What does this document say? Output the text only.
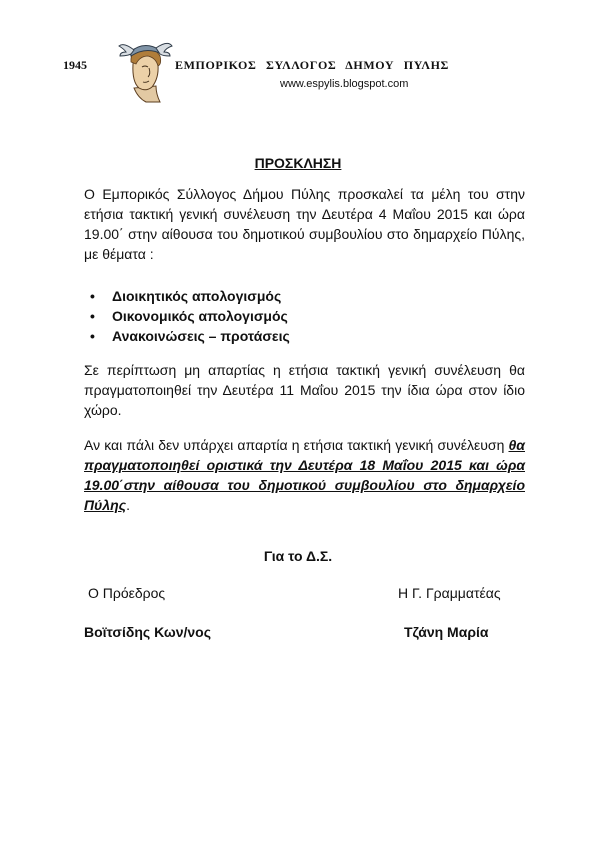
1945	ΕΜΠΟΡΙΚΟΣ ΣΥΛΛΟΓΟΣ ΔΗΜΟΥ ΠΥΛΗΣ
www.espylis.blogspot.com
ΠΡΟΣΚΛΗΣΗ
Ο Εμπορικός Σύλλογος Δήμου Πύλης προσκαλεί τα μέλη του στην ετήσια τακτική γενική συνέλευση την Δευτέρα 4 Μαΐου 2015 και ώρα 19.00΄ στην αίθουσα του δημοτικού συμβουλίου στο δημαρχείο Πύλης, με θέματα :
• Διοικητικός απολογισμός
• Οικονομικός απολογισμός
• Ανακοινώσεις – προτάσεις
Σε περίπτωση μη απαρτίας η ετήσια τακτική γενική συνέλευση θα πραγματοποιηθεί την Δευτέρα 11 Μαΐου 2015 την ίδια ώρα στον ίδιο χώρο.
Αν και πάλι δεν υπάρχει απαρτία η ετήσια τακτική γενική συνέλευση θα πραγματοποιηθεί οριστικά την Δευτέρα 18 Μαΐου 2015 και ώρα 19.00΄στην αίθουσα του δημοτικού συμβουλίου στο δημαρχείο Πύλης.
Για το Δ.Σ.
Ο Πρόεδρος	Η Γ. Γραμματέας
Βοϊτσίδης Κων/νος	Τζάνη Μαρία
